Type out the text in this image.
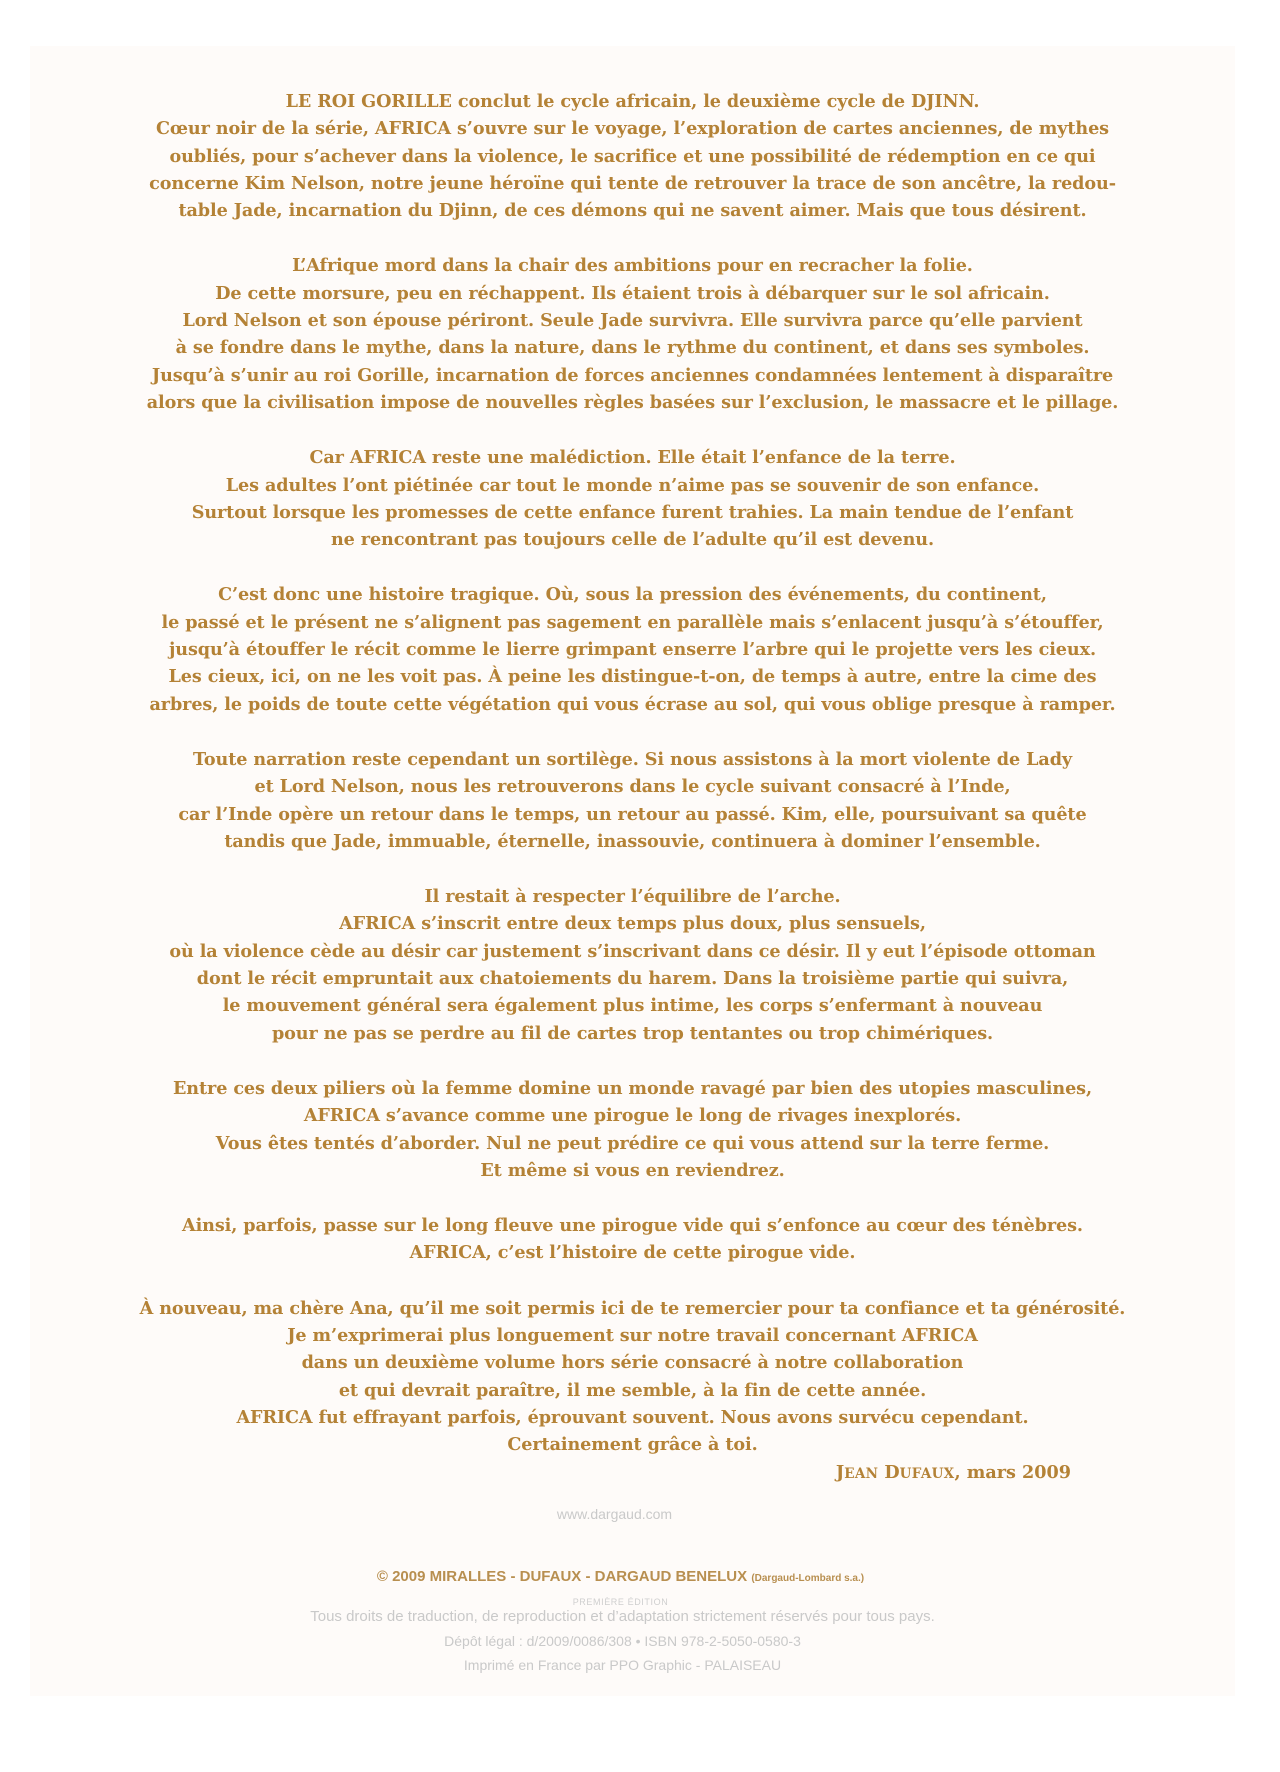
LE ROI GORILLE conclut le cycle africain, le deuxième cycle de DJINN.
Cœur noir de la série, AFRICA s’ouvre sur le voyage, l’exploration de cartes anciennes, de mythes
oubliés, pour s’achever dans la violence, le sacrifice et une possibilité de rédemption en ce qui
concerne Kim Nelson, notre jeune héroïne qui tente de retrouver la trace de son ancêtre, la redou-
table Jade, incarnation du Djinn, de ces démons qui ne savent aimer. Mais que tous désirent.
L’Afrique mord dans la chair des ambitions pour en recracher la folie.
De cette morsure, peu en réchappent. Ils étaient trois à débarquer sur le sol africain.
Lord Nelson et son épouse périront. Seule Jade survivra. Elle survivra parce qu’elle parvient
à se fondre dans le mythe, dans la nature, dans le rythme du continent, et dans ses symboles.
Jusqu’à s’unir au roi Gorille, incarnation de forces anciennes condamnées lentement à disparaître
alors que la civilisation impose de nouvelles règles basées sur l’exclusion, le massacre et le pillage.
Car AFRICA reste une malédiction. Elle était l’enfance de la terre.
Les adultes l’ont piétinée car tout le monde n’aime pas se souvenir de son enfance.
Surtout lorsque les promesses de cette enfance furent trahies. La main tendue de l’enfant
ne rencontrant pas toujours celle de l’adulte qu’il est devenu.
C’est donc une histoire tragique. Où, sous la pression des événements, du continent,
le passé et le présent ne s’alignent pas sagement en parallèle mais s’enlacent jusqu’à s’étouffer,
jusqu’à étouffer le récit comme le lierre grimpant enserre l’arbre qui le projette vers les cieux.
Les cieux, ici, on ne les voit pas. À peine les distingue-t-on, de temps à autre, entre la cime des
arbres, le poids de toute cette végétation qui vous écrase au sol, qui vous oblige presque à ramper.
Toute narration reste cependant un sortilège. Si nous assistons à la mort violente de Lady
et Lord Nelson, nous les retrouverons dans le cycle suivant consacré à l’Inde,
car l’Inde opère un retour dans le temps, un retour au passé. Kim, elle, poursuivant sa quête
tandis que Jade, immuable, éternelle, inassouvie, continuera à dominer l’ensemble.
Il restait à respecter l’équilibre de l’arche.
AFRICA s’inscrit entre deux temps plus doux, plus sensuels,
où la violence cède au désir car justement s’inscrivant dans ce désir. Il y eut l’épisode ottoman
dont le récit empruntait aux chatoiements du harem. Dans la troisième partie qui suivra,
le mouvement général sera également plus intime, les corps s’enfermant à nouveau
pour ne pas se perdre au fil de cartes trop tentantes ou trop chimériques.
Entre ces deux piliers où la femme domine un monde ravagé par bien des utopies masculines,
AFRICA s’avance comme une pirogue le long de rivages inexplorés.
Vous êtes tentés d’aborder. Nul ne peut prédire ce qui vous attend sur la terre ferme.
Et même si vous en reviendrez.
Ainsi, parfois, passe sur le long fleuve une pirogue vide qui s’enfonce au cœur des ténèbres.
AFRICA, c’est l’histoire de cette pirogue vide.
À nouveau, ma chère Ana, qu’il me soit permis ici de te remercier pour ta confiance et ta générosité.
Je m’exprimerai plus longuement sur notre travail concernant AFRICA
dans un deuxième volume hors série consacré à notre collaboration
et qui devrait paraître, il me semble, à la fin de cette année.
AFRICA fut effrayant parfois, éprouvant souvent. Nous avons survécu cependant.
Certainement grâce à toi.
JEAN DUFAUX, mars 2009
www.dargaud.com
© 2009 MIRALLES - DUFAUX - DARGAUD BENELUX (Dargaud-Lombard s.a.)
PREMIÈRE ÉDITION
Tous droits de traduction, de reproduction et d’adaptation strictement réservés pour tous pays.
Dépôt légal : d/2009/0086/308 • ISBN 978-2-5050-0580-3
Imprimé en France par PPO Graphic - PALAISEAU
